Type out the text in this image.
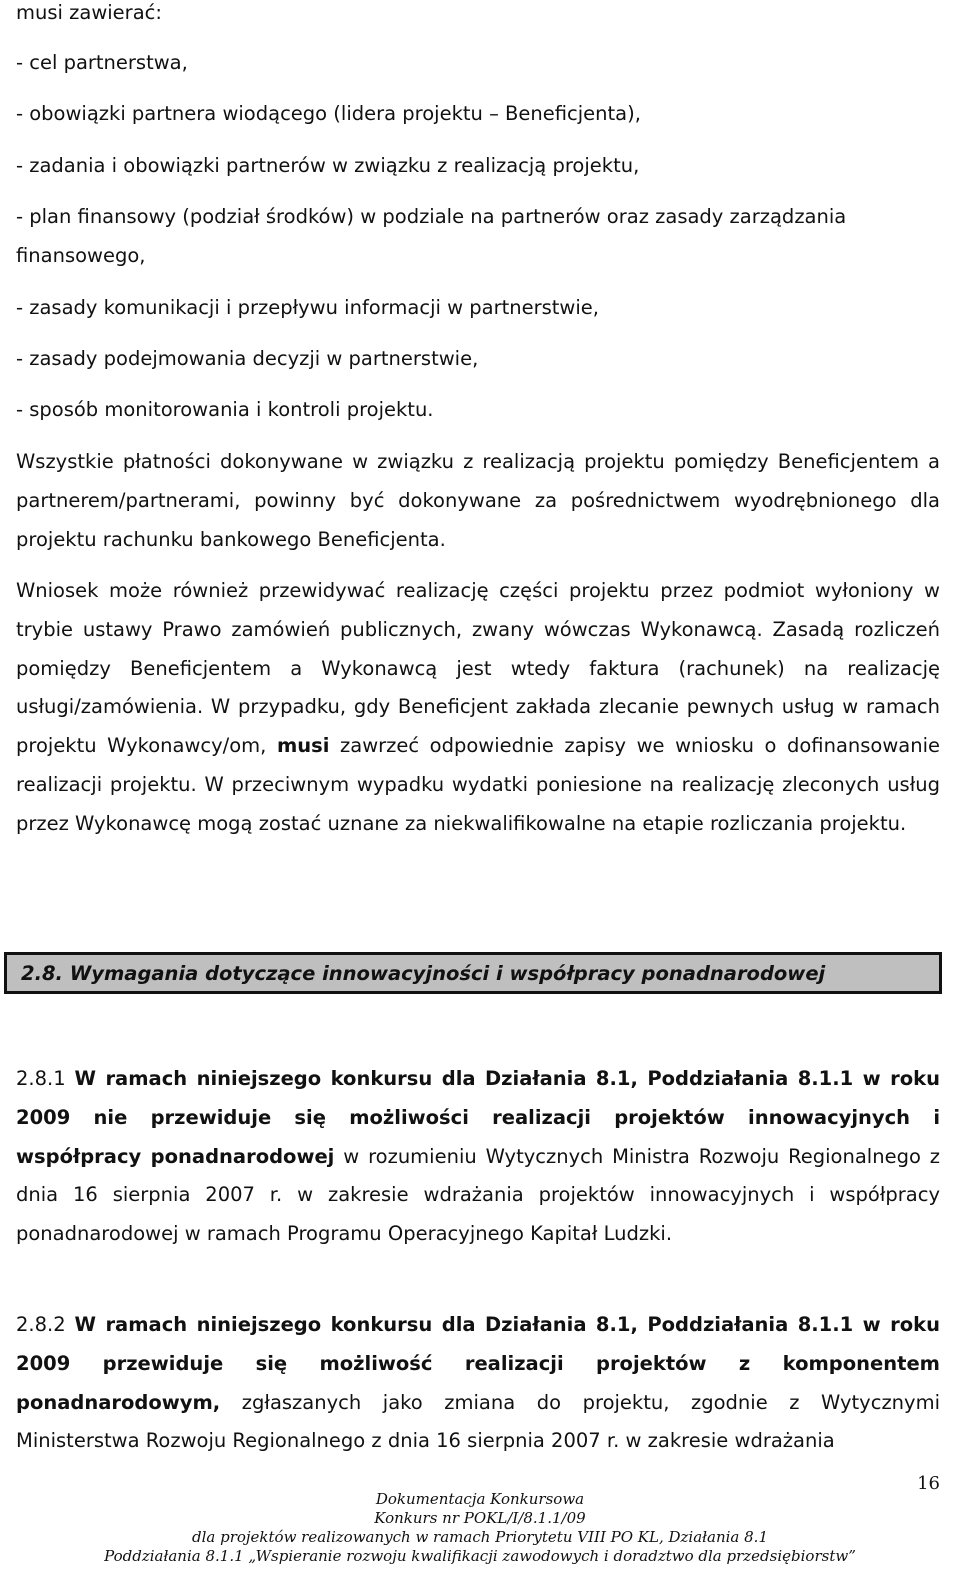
musi zawierać:
- cel partnerstwa,
- obowiązki partnera wiodącego (lidera projektu – Beneficjenta),
- zadania i obowiązki partnerów w związku z realizacją projektu,
- plan finansowy (podział środków) w podziale na partnerów oraz zasady zarządzania
finansowego,
- zasady komunikacji i przepływu informacji w partnerstwie,
- zasady podejmowania decyzji w partnerstwie,
- sposób monitorowania i kontroli projektu.
Wszystkie płatności dokonywane w związku z realizacją projektu pomiędzy Beneficjentem a partnerem/partnerami, powinny być dokonywane za pośrednictwem wyodrębnionego dla projektu rachunku bankowego Beneficjenta.
Wniosek może również przewidywać realizację części projektu przez podmiot wyłoniony w trybie ustawy Prawo zamówień publicznych, zwany wówczas Wykonawcą. Zasadą rozliczeń pomiędzy Beneficjentem a Wykonawcą jest wtedy faktura (rachunek) na realizację usługi/zamówienia. W przypadku, gdy Beneficjent zakłada zlecanie pewnych usług w ramach projektu Wykonawcy/om, musi zawrzeć odpowiednie zapisy we wniosku o dofinansowanie realizacji projektu. W przeciwnym wypadku wydatki poniesione na realizację zleconych usług przez Wykonawcę mogą zostać uznane za niekwalifikowalne na etapie rozliczania projektu.
2.8. Wymagania dotyczące innowacyjności i współpracy ponadnarodowej
2.8.1 W ramach niniejszego konkursu dla Działania 8.1, Poddziałania 8.1.1 w roku 2009 nie przewiduje się możliwości realizacji projektów innowacyjnych i współpracy ponadnarodowej w rozumieniu Wytycznych Ministra Rozwoju Regionalnego z dnia 16 sierpnia 2007 r. w zakresie wdrażania projektów innowacyjnych i współpracy ponadnarodowej w ramach Programu Operacyjnego Kapitał Ludzki.
2.8.2 W ramach niniejszego konkursu dla Działania 8.1, Poddziałania 8.1.1 w roku 2009 przewiduje się możliwość realizacji projektów z komponentem ponadnarodowym, zgłaszanych jako zmiana do projektu, zgodnie z Wytycznymi Ministerstwa Rozwoju Regionalnego z dnia 16 sierpnia 2007 r. w zakresie wdrażania
16
Dokumentacja Konkursowa
Konkurs nr POKL/I/8.1.1/09
dla projektów realizowanych w ramach Priorytetu VIII PO KL, Działania 8.1
Poddziałania 8.1.1 „Wspieranie rozwoju kwalifikacji zawodowych i doradztwo dla przedsiębiorstw”
